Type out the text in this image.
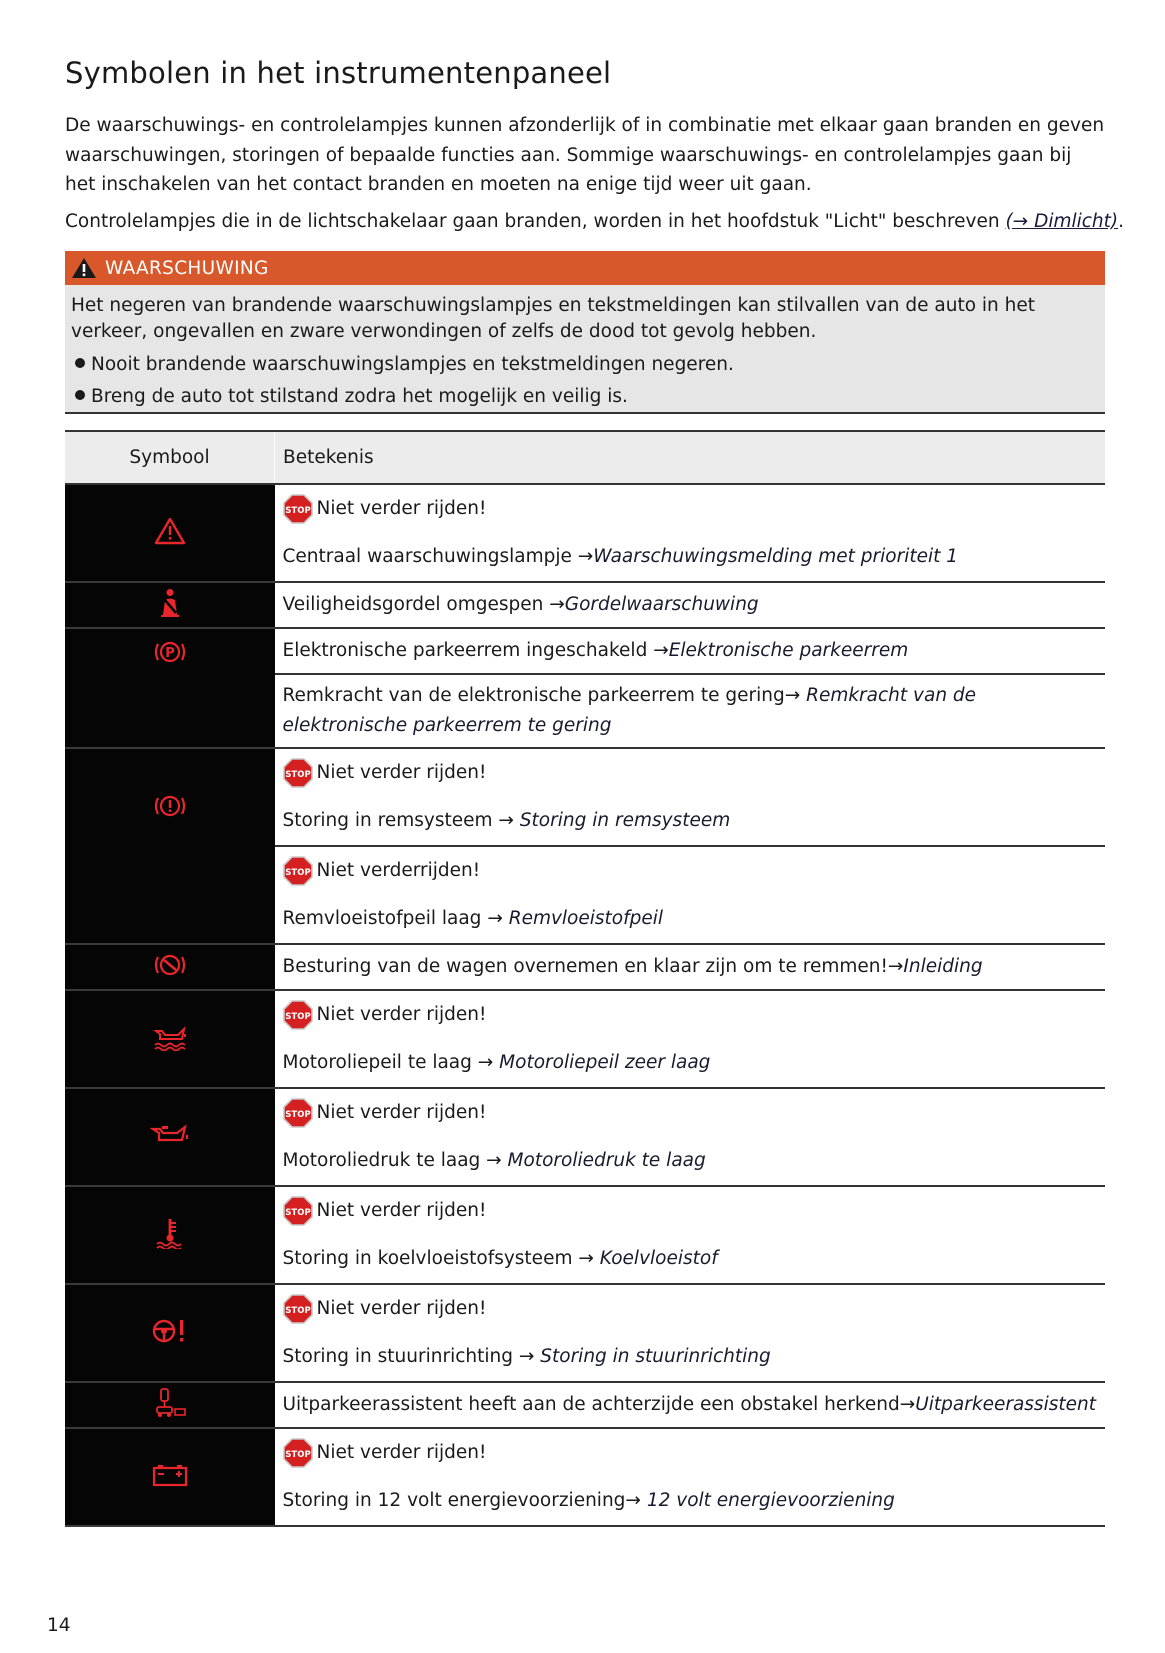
Symbolen in het instrumentenpaneel

De waarschuwings- en controlelampjes kunnen afzonderlijk of in combinatie met elkaar gaan branden en geven waarschuwingen, storingen of bepaalde functies aan. Sommige waarschuwings- en controlelampjes gaan bij het inschakelen van het contact branden en moeten na enige tijd weer uit gaan.

Controlelampjes die in de lichtschakelaar gaan branden, worden in het hoofdstuk "Licht" beschreven (→ Dimlicht).

WAARSCHUWING

Het negeren van brandende waarschuwingslampjes en tekstmeldingen kan stilvallen van de auto in het verkeer, ongevallen en zware verwondingen of zelfs de dood tot gevolg hebben.

Nooit brandende waarschuwingslampjes en tekstmeldingen negeren.
Breng de auto tot stilstand zodra het mogelijk en veilig is.
Symbool	Betekenis

STOP Niet verder rijden!
Centraal waarschuwingslampje →Waarschuwingsmelding met prioriteit 1

Veiligheidsgordel omgespen →Gordelwaarschuwing

P	Elektronische parkeerrem ingeschakeld →Elektronische parkeerrem

	Remkracht van de elektronische parkeerrem te gering→ Remkracht van de elektronische parkeerrem te gering

STOP Niet verder rijden!
Storing in remsysteem → Storing in remsysteem

STOP Niet verderrijden!
Remvloeistofpeil laag → Remvloeistofpeil

Besturing van de wagen overnemen en klaar zijn om te remmen!→Inleiding

STOP Niet verder rijden!
Motoroliepeil te laag → Motoroliepeil zeer laag

STOP Niet verder rijden!
Motoroliedruk te laag → Motoroliedruk te laag

STOP Niet verder rijden!
Storing in koelvloeistofsysteem → Koelvloeistof

STOP Niet verder rijden!
Storing in stuurinrichting → Storing in stuurinrichting

Uitparkeerassistent heeft aan de achterzijde een obstakel herkend→Uitparkeerassistent

STOP Niet verder rijden!
Storing in 12 volt energievoorziening→ 12 volt energievoorziening
14
